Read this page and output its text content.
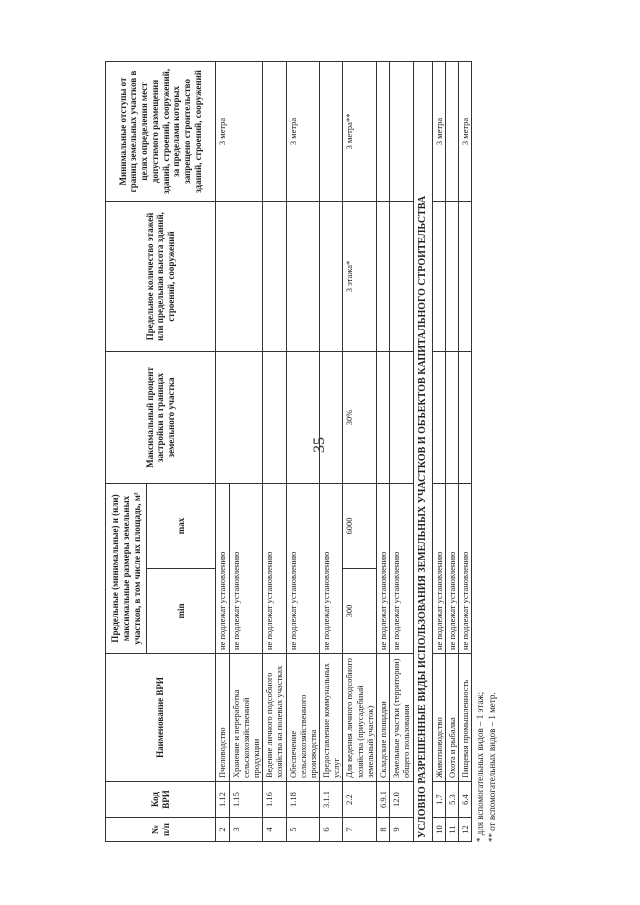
35
№ п/п	Код ВРИ	Наименование ВРИ	Предельные (минимальные) и (или) максимальные размеры земельных участков, в том числе их площадь, м²		Максимальный процент застройки в границах земельного участка	Предельное количество этажей или предельная высота зданий, строений, сооружений	Минимальные отступы от границ земельных участков в целях определения мест допустимого размещения зданий, строений, сооружений, за пределами которых запрещено строительство зданий, строений, сооружений
			min	max			
2	1.12	Пчеловодство	не подлежат установлению				3 метра
3	1.15	Хранение и переработка сельскохозяйственной продукции	не подлежат установлению				
4	1.16	Ведение личного подсобного хозяйства на полевых участках	не подлежат установлению				
5	1.18	Обеспечение сельскохозяйственного производства	не подлежат установлению				3 метра
6	3.1.1	Предоставление коммунальных услуг	не подлежат установлению				
7	2.2	Для ведения личного подсобного хозяйства (приусадебный земельный участок)	300	6000	30%	3 этажа*	3 метра**
8	6.9.1	Складские площадки	не подлежат установлению				
9	12.0	Земельные участки (территории) общего пользования	не подлежат установлению				
УСЛОВНО РАЗРЕШЕННЫЕ ВИДЫ ИСПОЛЬЗОВАНИЯ ЗЕМЕЛЬНЫХ УЧАСТКОВ И ОБЪЕКТОВ КАПИТАЛЬНОГО СТРОИТЕЛЬСТВА							
10	1.7	Животноводство	не подлежат установлению				3 метра
11	5.3	Охота и рыбалка	не подлежат установлению				
12	6.4	Пищевая промышленность	не подлежат установлению				3 метра
* для вспомогательных видов – 1 этаж; ** от вспомогательных видов – 1 метр.
